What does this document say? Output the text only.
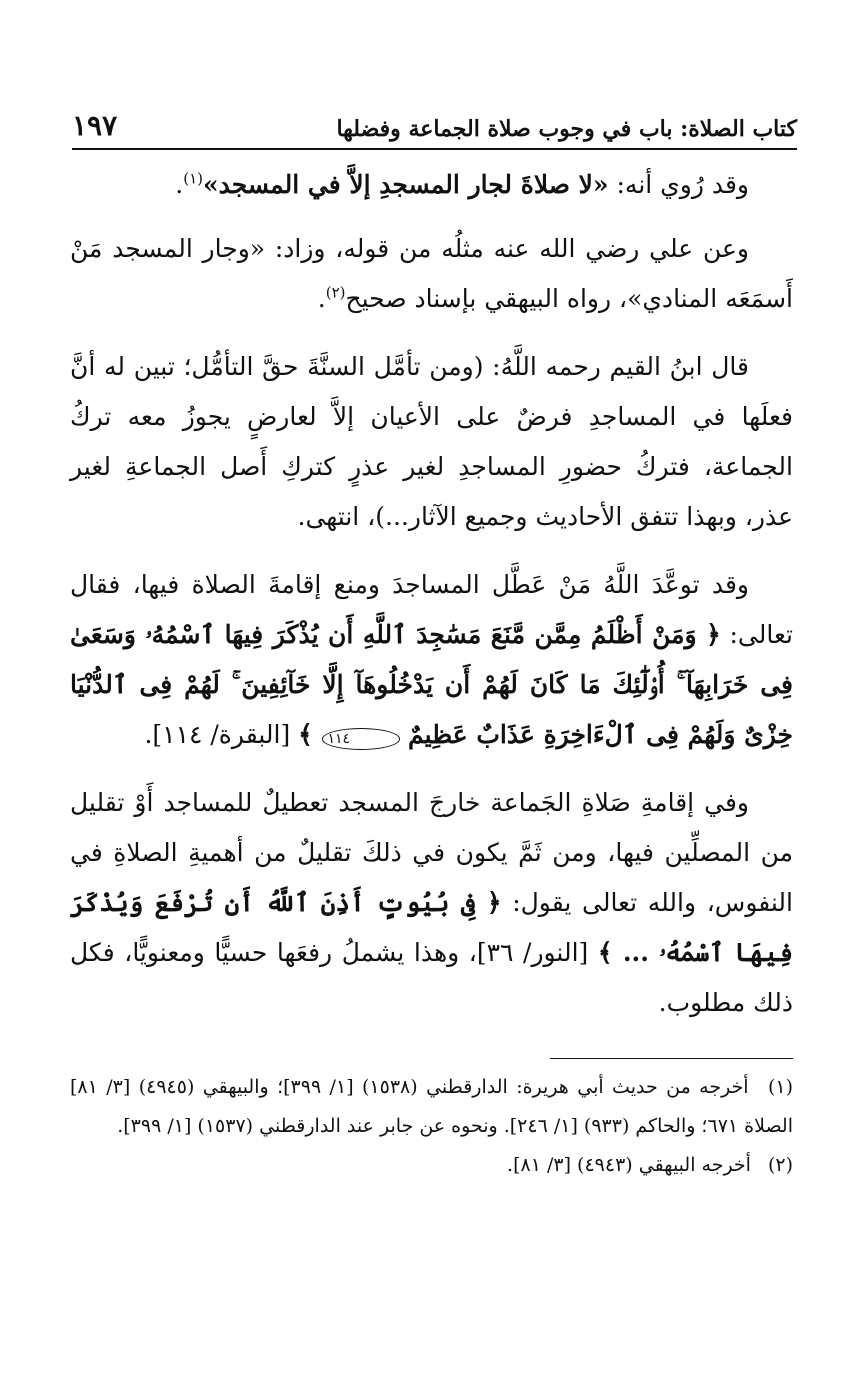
كتاب الصلاة: باب في وجوب صلاة الجماعة وفضلها
١٩٧

وقد رُوي أنه: «لا صلاةَ لجار المسجدِ إلاَّ في المسجد»$^{(١)}$.

وعن علي رضي الله عنه مثلُه من قوله، وزاد: «وجار المسجد مَنْ أَسمَعَه المنادي»، رواه البيهقي بإسناد صحيح$^{(٢)}$.

قال ابنُ القيم رحمه اللَّهُ: (ومن تأمَّل السنَّةَ حقَّ التأمُّل؛ تبين له أنَّ فعلَها في المساجدِ فرضٌ على الأعيان إلاَّ لعارضٍ يجوزُ معه تركُ الجماعة، فتركُ حضورِ المساجدِ لغير عذرٍ كتركِ أَصل الجماعةِ لغير عذر، وبهذا تتفق الأحاديث وجميع الآثار...)، انتهى.

وقد توعَّدَ اللَّهُ مَنْ عَطَّل المساجدَ ومنع إقامةَ الصلاة فيها، فقال تعالى: ﴿ وَمَنْ أَظْلَمُ مِمَّن مَّنَعَ مَسَٰجِدَ ٱللَّهِ أَن يُذْكَرَ فِيهَا ٱسْمُهُۥ وَسَعَىٰ فِى خَرَابِهَآ ۚ أُو۟لَٰٓئِكَ مَا كَانَ لَهُمْ أَن يَدْخُلُوهَآ إِلَّا خَآئِفِينَ ۚ لَهُمْ فِى ٱلدُّنْيَا خِزْىٌ وَلَهُمْ فِى ٱلْءَاخِرَةِ عَذَابٌ عَظِيمٌ ١١٤ ﴾ [البقرة/ ١١٤].

وفي إقامةِ صَلاةِ الجَماعة خارجَ المسجد تعطيلٌ للمساجد أَوْ تقليل من المصلِّين فيها، ومن ثَمَّ يكون في ذلكَ تقليلٌ من أهميةِ الصلاةِ في النفوس، والله تعالى يقول: ﴿ فِى بُيُوتٍ أَذِنَ ٱللَّهُ أَن تُرْفَعَ وَيُذْكَرَ فِيهَا ٱسْمُهُۥ ... ﴾ [النور/ ٣٦]، وهذا يشملُ رفعَها حسيًّا ومعنويًّا، فكل ذلك مطلوب.

(١) أخرجه من حديث أبي هريرة: الدارقطني (١٥٣٨) [١/ ٣٩٩]؛ والبيهقي (٤٩٤٥) [٣/ ٨١] الصلاة ٦٧١؛ والحاكم (٩٣٣) [١/ ٢٤٦]. ونحوه عن جابر عند الدارقطني (١٥٣٧) [١/ ٣٩٩].

(٢) أخرجه البيهقي (٤٩٤٣) [٣/ ٨١].
